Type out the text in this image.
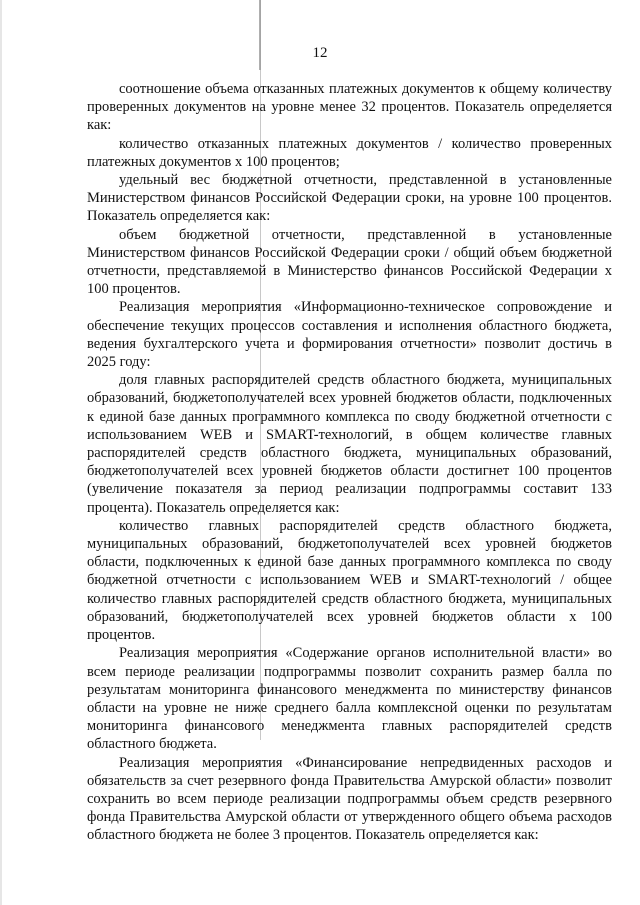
12

соотношение объема отказанных платежных документов к общему количеству проверенных документов на уровне менее 32 процентов. Показатель определяется как:

количество отказанных платежных документов / количество проверенных платежных документов х 100 процентов;

удельный вес бюджетной отчетности, представленной в установленные Министерством финансов Российской Федерации сроки, на уровне 100 процентов. Показатель определяется как:

объем бюджетной отчетности, представленной в установленные Министерством финансов Российской Федерации сроки / общий объем бюджетной отчетности, представляемой в Министерство финансов Российской Федерации х 100 процентов.

Реализация мероприятия «Информационно-техническое сопровождение и обеспечение текущих процессов составления и исполнения областного бюджета, ведения бухгалтерского учета и формирования отчетности» позволит достичь в 2025 году:

доля главных распорядителей средств областного бюджета, муниципальных образований, бюджетополучателей всех уровней бюджетов области, подключенных к единой базе данных программного комплекса по своду бюджетной отчетности с использованием WEB и SMART-технологий, в общем количестве главных распорядителей средств областного бюджета, муниципальных образований, бюджетополучателей всех уровней бюджетов области достигнет 100 процентов (увеличение показателя за период реализации подпрограммы составит 133 процента). Показатель определяется как:

количество главных распорядителей средств областного бюджета, муниципальных образований, бюджетополучателей всех уровней бюджетов области, подключенных к единой базе данных программного комплекса по своду бюджетной отчетности с использованием WEB и SMART-технологий / общее количество главных распорядителей средств областного бюджета, муниципальных образований, бюджетополучателей всех уровней бюджетов области х 100 процентов.

Реализация мероприятия «Содержание органов исполнительной власти» во всем периоде реализации подпрограммы позволит сохранить размер балла по результатам мониторинга финансового менеджмента по министерству финансов области на уровне не ниже среднего балла комплексной оценки по результатам мониторинга финансового менеджмента главных распорядителей средств областного бюджета.

Реализация мероприятия «Финансирование непредвиденных расходов и обязательств за счет резервного фонда Правительства Амурской области» позволит сохранить во всем периоде реализации подпрограммы объем средств резервного фонда Правительства Амурской области от утвержденного общего объема расходов областного бюджета не более 3 процентов. Показатель определяется как:
